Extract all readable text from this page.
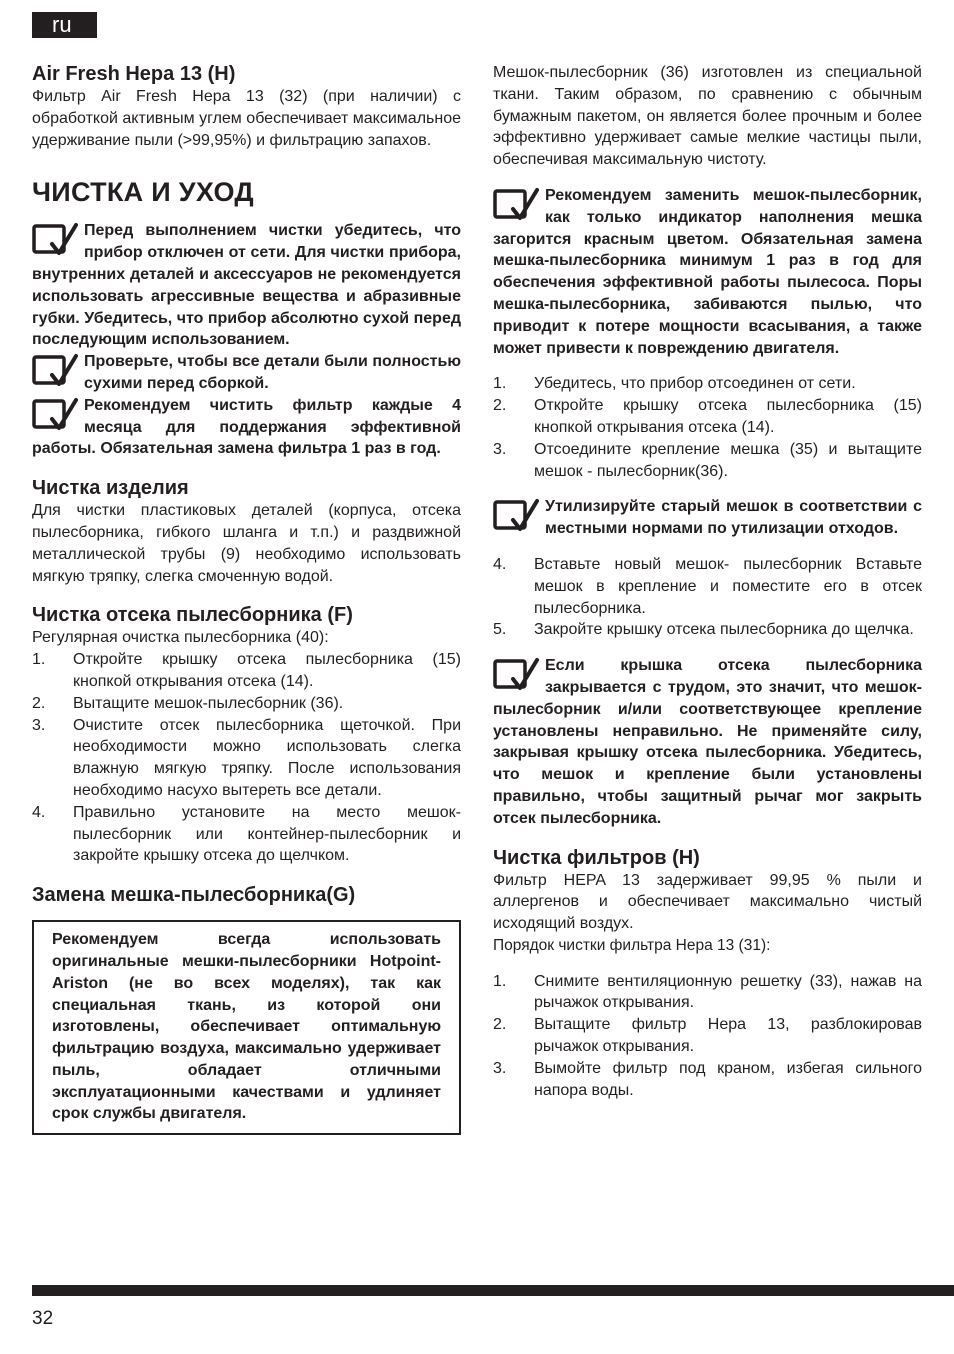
ru
Air Fresh Hepa 13 (H)

Фильтр Air Fresh Hepa 13 (32) (при наличии) с обработкой активным углем обеспечивает максимальное удерживание пыли (>99,95%) и фильтрацию запахов.

ЧИСТКА И УХОД

Перед выполнением чистки убедитесь, что прибор отключен от сети. Для чистки прибора, внутренних деталей и аксессуаров не рекомендуется использовать агрессивные вещества и абразивные губки. Убедитесь, что прибор абсолютно сухой перед последующим использованием.

Проверьте, чтобы все детали были полностью сухими перед сборкой.

Рекомендуем чистить фильтр каждые 4 месяца для поддержания эффективной работы. Обязательная замена фильтра 1 раз в год.

Чистка изделия

Для чистки пластиковых деталей (корпуса, отсека пылесборника, гибкого шланга и т.п.) и раздвижной металлической трубы (9) необходимо использовать мягкую тряпку, слегка смоченную водой.

Чистка отсека пылесборника (F)

Регулярная очистка пылесборника (40):

1. Откройте крышку отсека пылесборника (15) кнопкой открывания отсека (14).
2. Вытащите мешок-пылесборник (36).
3. Очистите отсек пылесборника щеточкой. При необходимости можно использовать слегка влажную мягкую тряпку. После использования необходимо насухо вытереть все детали.
4. Правильно установите на место мешок-пылесборник или контейнер-пылесборник и закройте крышку отсека до щелчком.
Замена мешка-пылесборника(G)
Рекомендуем всегда использовать оригинальные мешки-пылесборники Hotpoint- Ariston (не во всех моделях), так как специальная ткань, из которой они изготовлены, обеспечивает оптимальную фильтрацию воздуха, максимально удерживает пыль, обладает отличными эксплуатационными качествами и удлиняет срок службы двигателя.

Мешок-пылесборник (36) изготовлен из специальной ткани. Таким образом, по сравнению с обычным бумажным пакетом, он является более прочным и более эффективно удерживает самые мелкие частицы пыли, обеспечивая максимальную чистоту.

Рекомендуем заменить мешок-пылесборник, как только индикатор наполнения мешка загорится красным цветом. Обязательная замена мешка-пылесборника минимум 1 раз в год для обеспечения эффективной работы пылесоса. Поры мешка-пылесборника, забиваются пылью, что приводит к потере мощности всасывания, а также может привести к повреждению двигателя.

1. Убедитесь, что прибор отсоединен от сети.
2. Откройте крышку отсека пылесборника (15) кнопкой открывания отсека (14).
3. Отсоедините крепление мешка (35) и вытащите мешок - пылесборник(36).

Утилизируйте старый мешок в соответствии с местными нормами по утилизации отходов.

4. Вставьте новый мешок- пылесборник Вставьте мешок в крепление и поместите его в отсек пылесборника.
5. Закройте крышку отсека пылесборника до щелчка.

Если крышка отсека пылесборника закрывается с трудом, это значит, что мешок- пылесборник и/или соответствующее крепление установлены неправильно. Не применяйте силу, закрывая крышку отсека пылесборника. Убедитесь, что мешок и крепление были установлены правильно, чтобы защитный рычаг мог закрыть отсек пылесборника.

Чистка фильтров (H)

Фильтр HEPA 13 задерживает 99,95 % пыли и аллергенов и обеспечивает максимально чистый исходящий воздух.

Порядок чистки фильтра Hepa 13 (31):

1. Снимите вентиляционную решетку (33), нажав на рычажок открывания.
2. Вытащите фильтр Hepa 13, разблокировав рычажок открывания.
3. Вымойте фильтр под краном, избегая сильного напора воды.
32
